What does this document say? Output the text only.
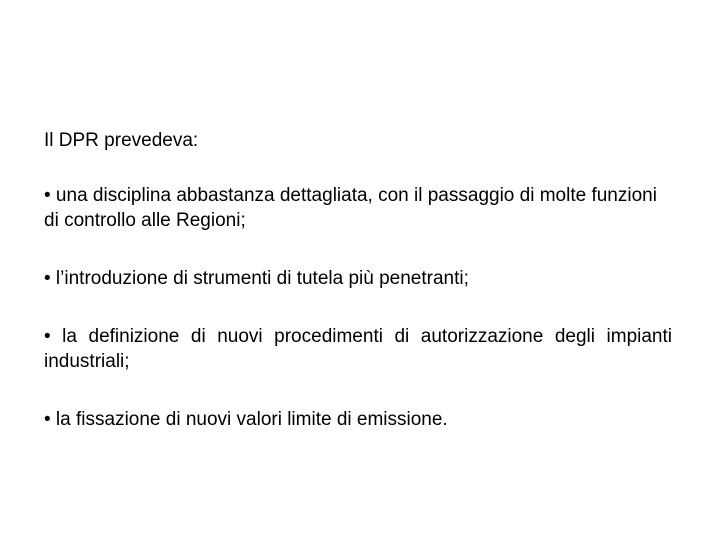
Il DPR prevedeva:

• una disciplina abbastanza dettagliata, con il passaggio di molte funzioni di controllo alle Regioni;

• l’introduzione di strumenti di tutela più penetranti;

• la definizione di nuovi procedimenti di autorizzazione degli impianti industriali;

• la fissazione di nuovi valori limite di emissione.
